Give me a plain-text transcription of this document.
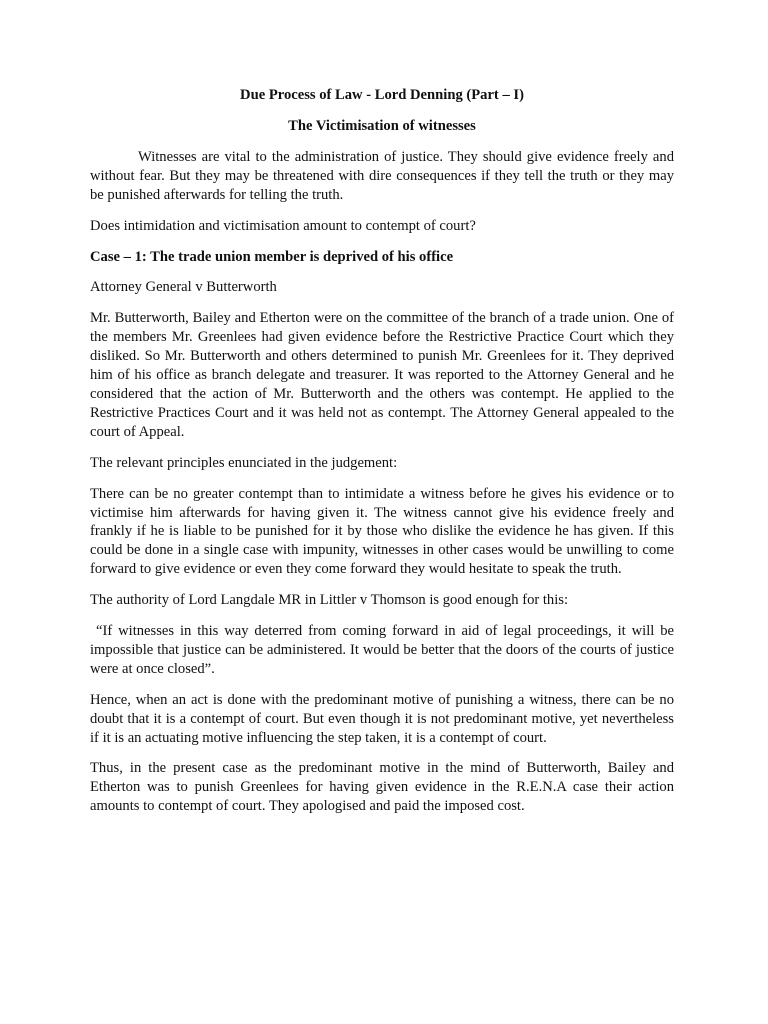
Due Process of Law - Lord Denning (Part – I)
The Victimisation of witnesses

Witnesses are vital to the administration of justice. They should give evidence freely and without fear. But they may be threatened with dire consequences if they tell the truth or they may be punished afterwards for telling the truth.

Does intimidation and victimisation amount to contempt of court?

Case – 1: The trade union member is deprived of his office

Attorney General v Butterworth

Mr. Butterworth, Bailey and Etherton were on the committee of the branch of a trade union. One of the members Mr. Greenlees had given evidence before the Restrictive Practice Court which they disliked. So Mr. Butterworth and others determined to punish Mr. Greenlees for it. They deprived him of his office as branch delegate and treasurer. It was reported to the Attorney General and he considered that the action of Mr. Butterworth and the others was contempt. He applied to the Restrictive Practices Court and it was held not as contempt. The Attorney General appealed to the court of Appeal.

The relevant principles enunciated in the judgement:

There can be no greater contempt than to intimidate a witness before he gives his evidence or to victimise him afterwards for having given it. The witness cannot give his evidence freely and frankly if he is liable to be punished for it by those who dislike the evidence he has given. If this could be done in a single case with impunity, witnesses in other cases would be unwilling to come forward to give evidence or even they come forward they would hesitate to speak the truth.

The authority of Lord Langdale MR in Littler v Thomson is good enough for this:

“If witnesses in this way deterred from coming forward in aid of legal proceedings, it will be impossible that justice can be administered. It would be better that the doors of the courts of justice were at once closed”.

Hence, when an act is done with the predominant motive of punishing a witness, there can be no doubt that it is a contempt of court. But even though it is not predominant motive, yet nevertheless if it is an actuating motive influencing the step taken, it is a contempt of court.

Thus, in the present case as the predominant motive in the mind of Butterworth, Bailey and Etherton was to punish Greenlees for having given evidence in the R.E.N.A case their action amounts to contempt of court. They apologised and paid the imposed cost.
